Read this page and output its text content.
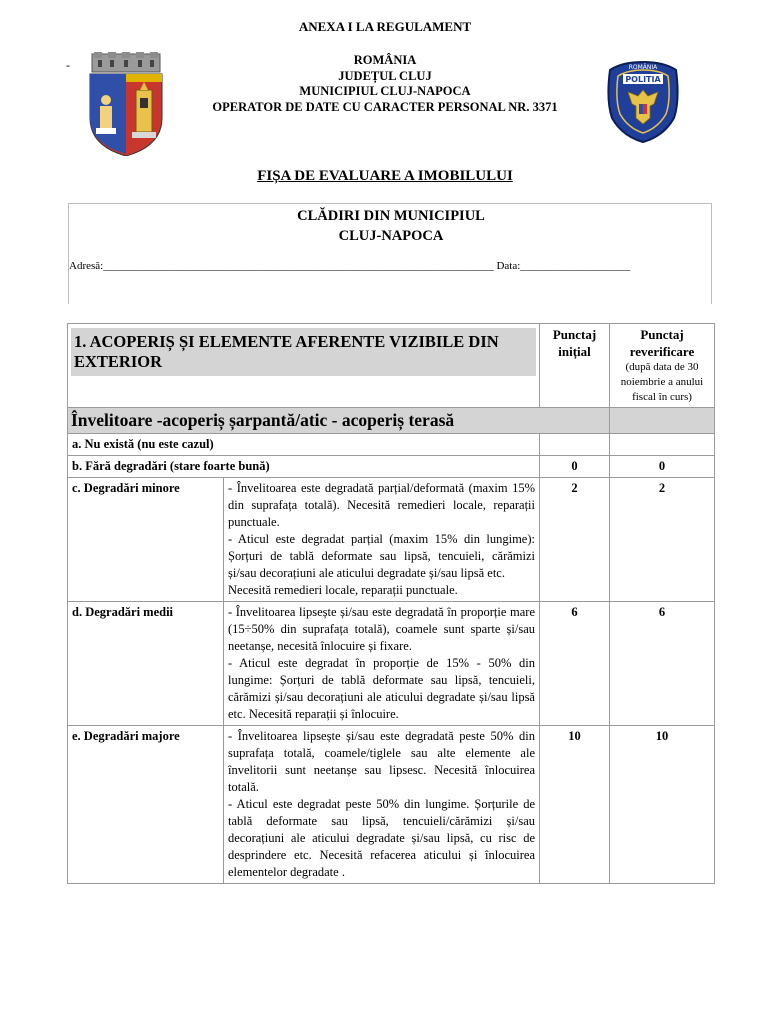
ANEXA I LA REGULAMENT
-	ROMÂNIA
JUDEȚUL CLUJ
MUNICIPIUL CLUJ-NAPOCA
OPERATOR DE DATE CU CARACTER PERSONAL NR. 3371
ROMÂNIA
POLITIA
FIȘA DE EVALUARE A IMOBILULUI
CLĂDIRI DIN MUNICIPIUL
CLUJ-NAPOCA
Adresă:_______________________________________________________________________ Data:____________________
1. ACOPERIȘ ȘI ELEMENTE AFERENTE VIZIBILE DIN EXTERIOR		Punctaj inițial	Punctaj reverificare
(după data de 30 noiembrie a anului fiscal în curs)

Învelitoare -acoperiș șarpantă/atic - acoperiș terasă			
a. Nu există (nu este cazul)			
b. Fără degradări (stare foarte bună)		0	0
c. Degradări minore	- Învelitoarea este degradată parțial/deformată (maxim 15% din suprafața totală). Necesită remedieri locale, reparații punctuale.
- Aticul este degradat parțial (maxim 15% din lungime): Șorțuri de tablă deformate sau lipsă, tencuieli, cărămizi și/sau decorațiuni ale aticului degradate și/sau lipsă etc.
Necesită remedieri locale, reparații punctuale.	2	2
d. Degradări medii	- Învelitoarea lipsește și/sau este degradată în proporție mare (15÷50% din suprafața totală), coamele sunt sparte și/sau neetanșe, necesită înlocuire și fixare.
- Aticul este degradat în proporție de 15% - 50% din lungime: Șorțuri de tablă deformate sau lipsă, tencuieli, cărămizi și/sau decorațiuni ale aticului degradate și/sau lipsă etc. Necesită reparații și înlocuire.	6	6
e. Degradări majore	- Învelitoarea lipsește și/sau este degradată peste 50% din suprafața totală, coamele/tiglele sau alte elemente ale învelitorii sunt neetanșe sau lipsesc. Necesită înlocuirea totală.
- Aticul este degradat peste 50% din lungime. Șorțurile de tablă deformate sau lipsă, tencuieli/cărămizi și/sau decorațiuni ale aticului degradate și/sau lipsă, cu risc de desprindere etc. Necesită refacerea aticului și înlocuirea elementelor degradate .	10	10
